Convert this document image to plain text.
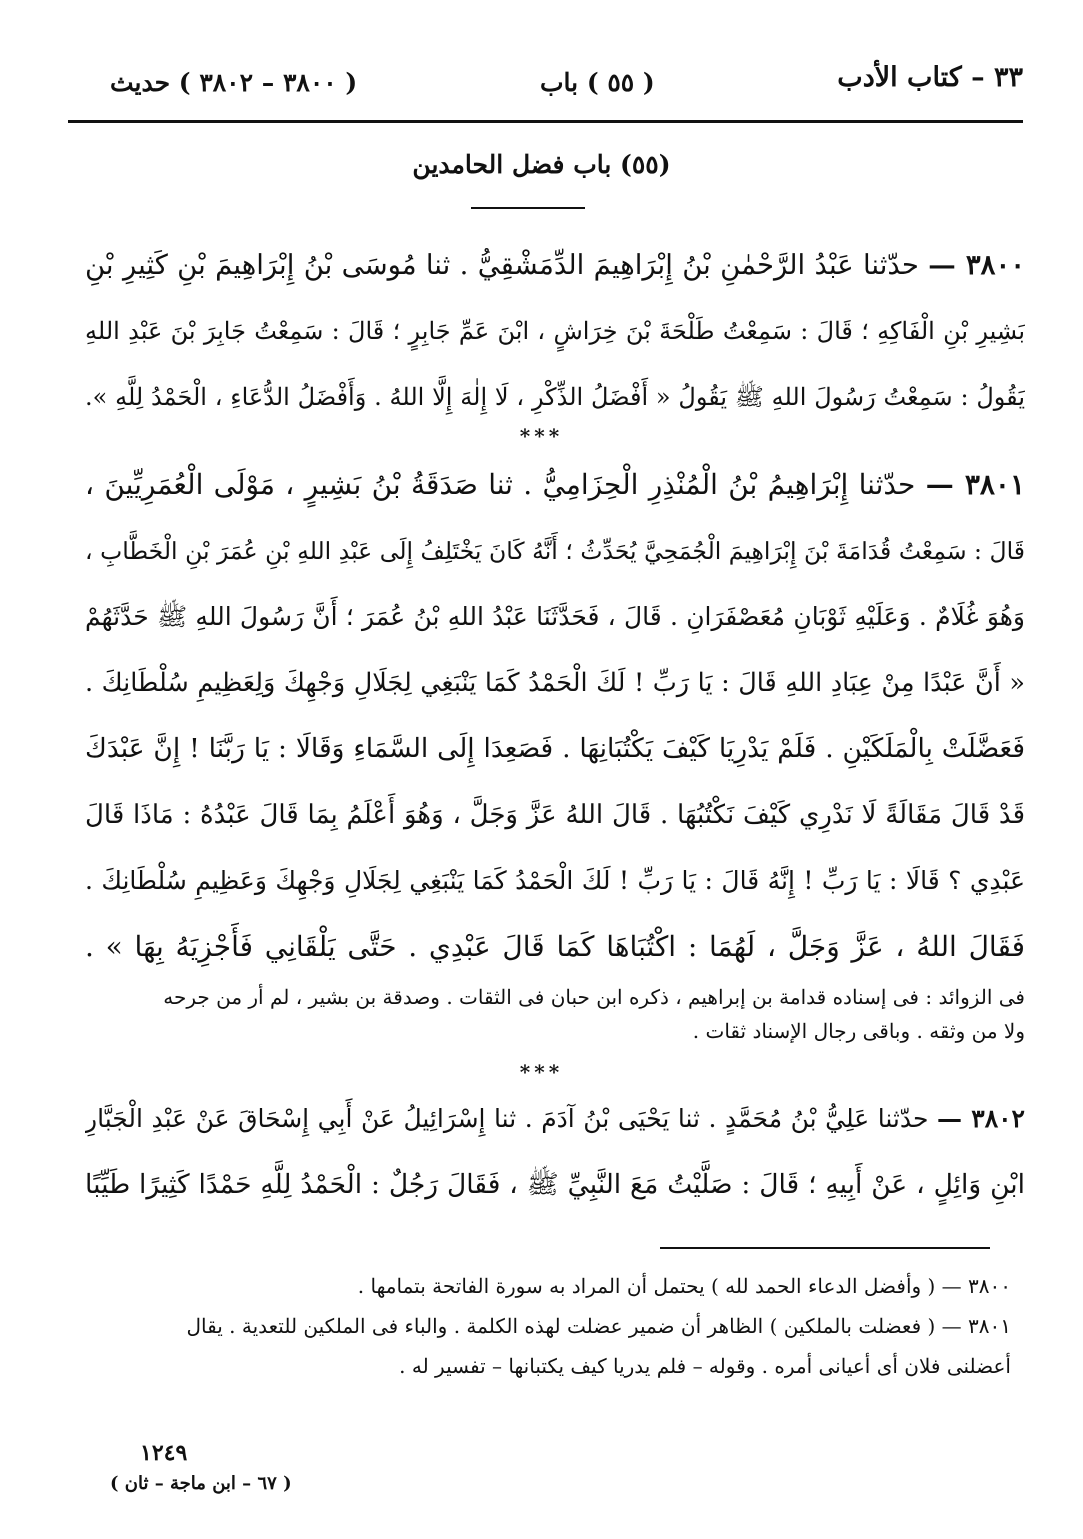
٣٣ – كتاب الأدب
( ٥٥ ) باب
( ٣٨٠٠ – ٣٨٠٢ ) حديث
(٥٥) باب فضل الحامدين
٣٨٠٠ — حدّثنا عَبْدُ الرَّحْمٰنِ بْنُ إِبْرَاهِيمَ الدِّمَشْقِيُّ . ثنا مُوسَى بْنُ إِبْرَاهِيمَ بْنِ كَثِيرِ بْنِ
بَشِيرِ بْنِ الْفَاكِهِ ؛ قَالَ : سَمِعْتُ طَلْحَةَ بْنَ خِرَاشٍ ، ابْنَ عَمِّ جَابِرٍ ؛ قَالَ : سَمِعْتُ جَابِرَ بْنَ عَبْدِ اللهِ
يَقُولُ : سَمِعْتُ رَسُولَ اللهِ ﷺ يَقُولُ « أَفْضَلُ الذِّكْرِ ، لَا إِلٰهَ إِلَّا اللهُ . وَأَفْضَلُ الدُّعَاءِ ، الْحَمْدُ لِلَّهِ ».
***
٣٨٠١ — حدّثنا إِبْرَاهِيمُ بْنُ الْمُنْذِرِ الْحِزَامِيُّ . ثنا صَدَقَةُ بْنُ بَشِيرٍ ، مَوْلَى الْعُمَرِيِّينَ ،
قَالَ : سَمِعْتُ قُدَامَةَ بْنَ إِبْرَاهِيمَ الْجُمَحِيَّ يُحَدِّثُ ؛ أَنَّهُ كَانَ يَخْتَلِفُ إِلَى عَبْدِ اللهِ بْنِ عُمَرَ بْنِ الْخَطَّابِ ،
وَهُوَ غُلَامٌ . وَعَلَيْهِ ثَوْبَانِ مُعَصْفَرَانِ . قَالَ ، فَحَدَّثَنَا عَبْدُ اللهِ بْنُ عُمَرَ ؛ أَنَّ رَسُولَ اللهِ ﷺ حَدَّثَهُمْ
« أَنَّ عَبْدًا مِنْ عِبَادِ اللهِ قَالَ : يَا رَبِّ ! لَكَ الْحَمْدُ كَمَا يَنْبَغِي لِجَلَالِ وَجْهِكَ وَلِعَظِيمِ سُلْطَانِكَ .
فَعَضَّلَتْ بِالْمَلَكَيْنِ . فَلَمْ يَدْرِيَا كَيْفَ يَكْتُبَانِهَا . فَصَعِدَا إِلَى السَّمَاءِ وَقَالَا : يَا رَبَّنَا ! إِنَّ عَبْدَكَ
قَدْ قَالَ مَقَالَةً لَا نَدْرِي كَيْفَ نَكْتُبُهَا . قَالَ اللهُ عَزَّ وَجَلَّ ، وَهُوَ أَعْلَمُ بِمَا قَالَ عَبْدُهُ : مَاذَا قَالَ
عَبْدِي ؟ قَالَا : يَا رَبِّ ! إِنَّهُ قَالَ : يَا رَبِّ ! لَكَ الْحَمْدُ كَمَا يَنْبَغِي لِجَلَالِ وَجْهِكَ وَعَظِيمِ سُلْطَانِكَ .
فَقَالَ اللهُ ، عَزَّ وَجَلَّ ، لَهُمَا : اكْتُبَاهَا كَمَا قَالَ عَبْدِي . حَتَّى يَلْقَانِي فَأَجْزِيَهُ بِهَا » .
فى الزوائد : فى إسناده قدامة بن إبراهيم ، ذكره ابن حبان فى الثقات . وصدقة بن بشير ، لم أر من جرحه
ولا من وثقه . وباقى رجال الإسناد ثقات .
***
٣٨٠٢ — حدّثنا عَلِيُّ بْنُ مُحَمَّدٍ . ثنا يَحْيَى بْنُ آدَمَ . ثنا إِسْرَائِيلُ عَنْ أَبِي إِسْحَاقَ عَنْ عَبْدِ الْجَبَّارِ
ابْنِ وَائِلٍ ، عَنْ أَبِيهِ ؛ قَالَ : صَلَّيْتُ مَعَ النَّبِيِّ ﷺ ، فَقَالَ رَجُلٌ : الْحَمْدُ لِلَّهِ حَمْدًا كَثِيرًا طَيِّبًا
٣٨٠٠ — ( وأفضل الدعاء الحمد لله ) يحتمل أن المراد به سورة الفاتحة بتمامها .
٣٨٠١ — ( فعضلت بالملكين ) الظاهر أن ضمير عضلت لهذه الكلمة . والباء فى الملكين للتعدية . يقال
أعضلنى فلان أى أعيانى أمره . وقوله – فلم يدريا كيف يكتبانها – تفسير له .
١٢٤٩
( ٦٧ – ابن ماجة – ثان )
